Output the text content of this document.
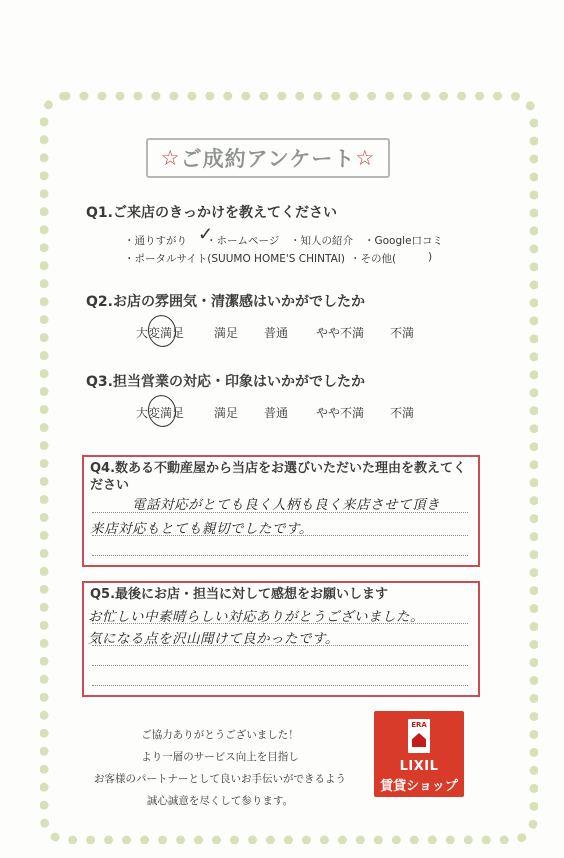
☆ ご成約アンケート ☆
Q1.ご来店のきっかけを教えてください
・通りすがり ・ホームページ ・知人の紹介 ・Google口コミ
・ポータルサイト(SUUMO HOME'S CHINTAI) ・その他(	)
✓
Q2.お店の雰囲気・清潔感はいかがでしたか
大変満足 満足 普通 やや不満 不満
Q3.担当営業の対応・印象はいかがでしたか
大変満足 満足 普通 やや不満 不満
Q4.数ある不動産屋から当店をお選びいただいた理由を教えてください
電話対応がとても良く人柄も良く来店させて頂き
来店対応もとても親切でしたです。
Q5.最後にお店・担当に対して感想をお願いします
お忙しい中素晴らしい対応ありがとうございました。
気になる点を沢山聞けて良かったです。
ご協力ありがとうございました！
より一層のサービス向上を目指し
お客様のパートナーとして良いお手伝いができるよう
誠心誠意を尽くして参ります。
ERA
LIXIL
賃貸ショップ
